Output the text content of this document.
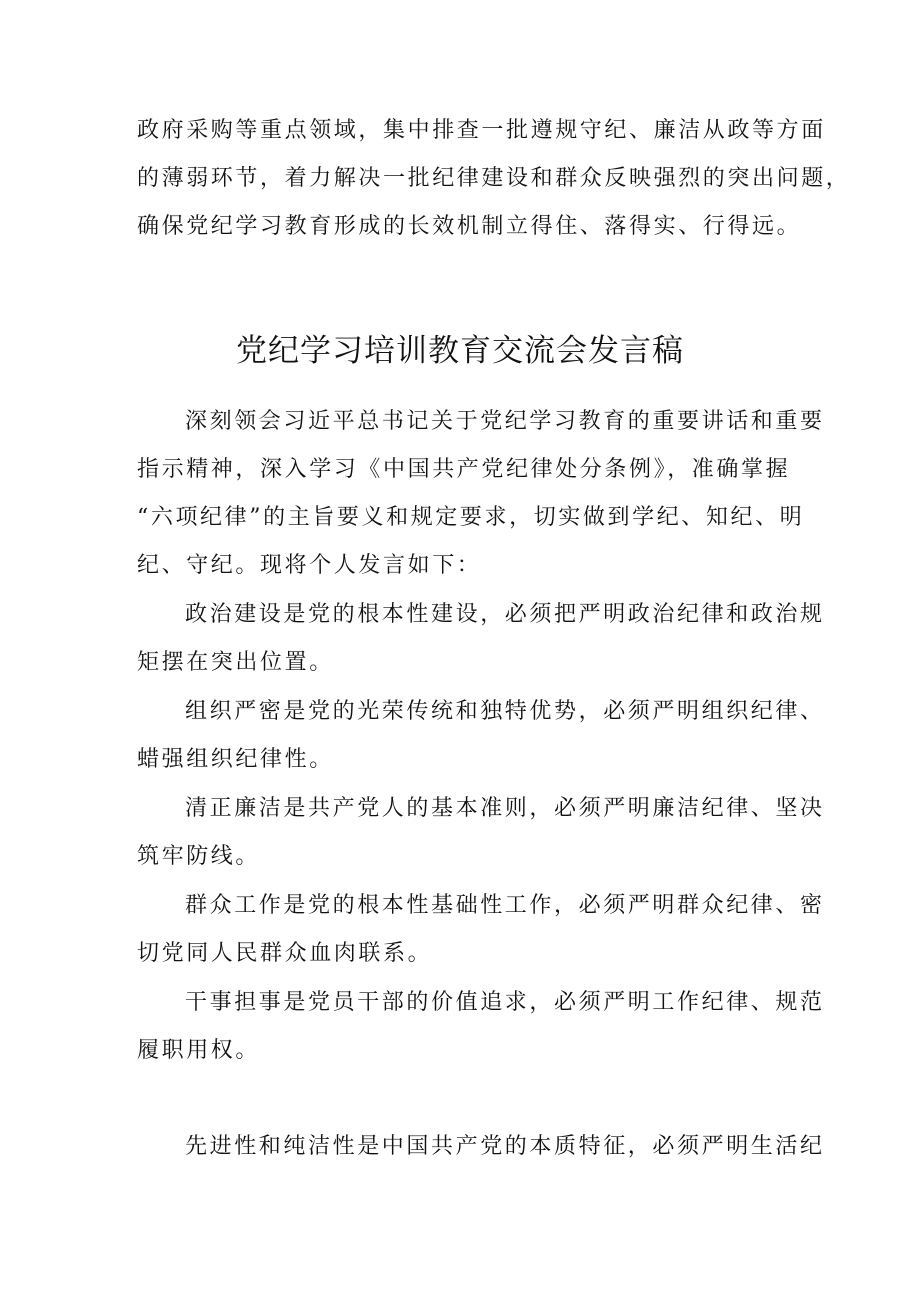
政府采购等重点领域，集中排查一批遵规守纪、廉洁从政等方面
的薄弱环节，着力解决一批纪律建设和群众反映强烈的突出问题，
确保党纪学习教育形成的长效机制立得住、落得实、行得远。
党纪学习培训教育交流会发言稿
深刻领会习近平总书记关于党纪学习教育的重要讲话和重要
指示精神，深入学习《中国共产党纪律处分条例》，准确掌握
“六项纪律”的主旨要义和规定要求，切实做到学纪、知纪、明
纪、守纪。现将个人发言如下：
政治建设是党的根本性建设，必须把严明政治纪律和政治规
矩摆在突出位置。
组织严密是党的光荣传统和独特优势，必须严明组织纪律、
蜡强组织纪律性。
清正廉洁是共产党人的基本准则，必须严明廉洁纪律、坚决
筑牢防线。
群众工作是党的根本性基础性工作，必须严明群众纪律、密
切党同人民群众血肉联系。
干事担事是党员干部的价值追求，必须严明工作纪律、规范
履职用权。
先进性和纯洁性是中国共产党的本质特征，必须严明生活纪
